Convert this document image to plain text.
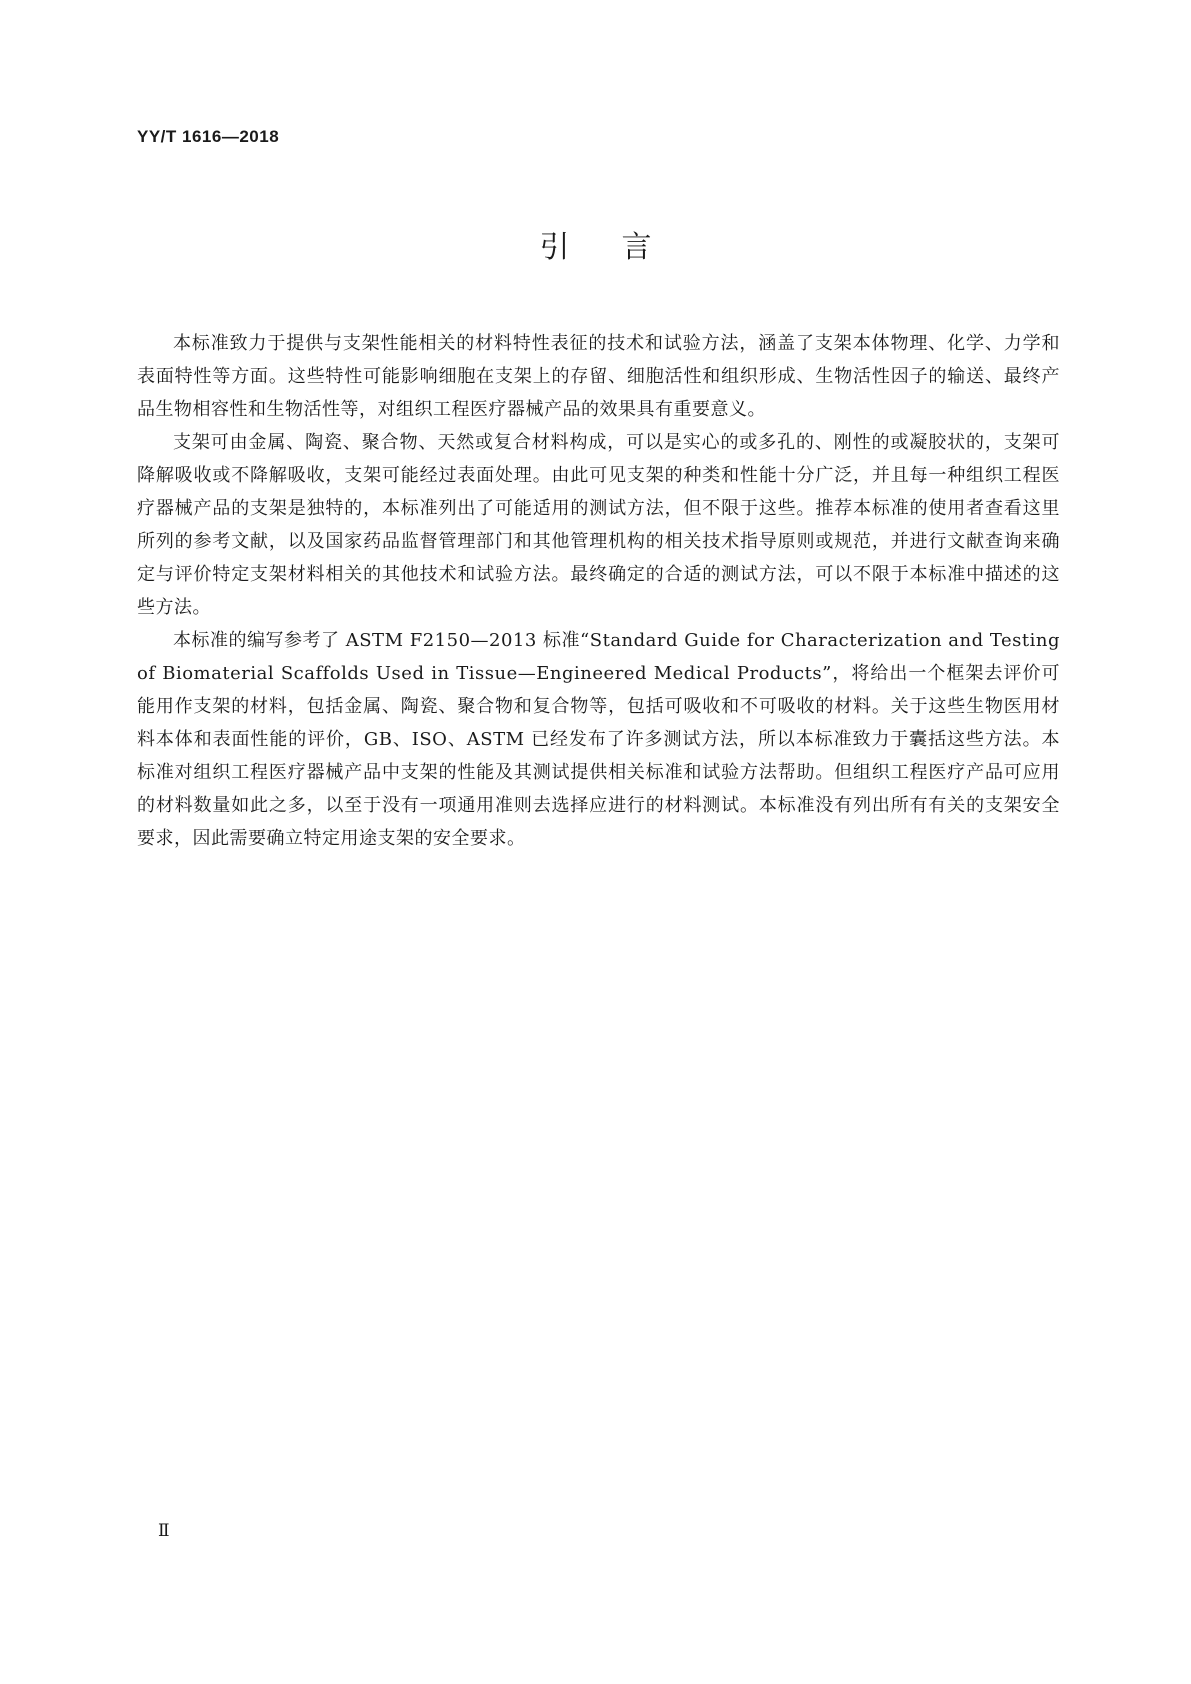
YY/T 1616—2018
引言

本标准致力于提供与支架性能相关的材料特性表征的技术和试验方法，涵盖了支架本体物理、化学、力学和表面特性等方面。这些特性可能影响细胞在支架上的存留、细胞活性和组织形成、生物活性因子的输送、最终产品生物相容性和生物活性等，对组织工程医疗器械产品的效果具有重要意义。

支架可由金属、陶瓷、聚合物、天然或复合材料构成，可以是实心的或多孔的、刚性的或凝胶状的，支架可降解吸收或不降解吸收，支架可能经过表面处理。由此可见支架的种类和性能十分广泛，并且每一种组织工程医疗器械产品的支架是独特的，本标准列出了可能适用的测试方法，但不限于这些。推荐本标准的使用者查看这里所列的参考文献，以及国家药品监督管理部门和其他管理机构的相关技术指导原则或规范，并进行文献查询来确定与评价特定支架材料相关的其他技术和试验方法。最终确定的合适的测试方法，可以不限于本标准中描述的这些方法。

本标准的编写参考了 ASTM F2150—2013 标准“Standard Guide for Characterization and Testing of Biomaterial Scaffolds Used in Tissue—Engineered Medical Products”，将给出一个框架去评价可能用作支架的材料，包括金属、陶瓷、聚合物和复合物等，包括可吸收和不可吸收的材料。关于这些生物医用材料本体和表面性能的评价，GB、ISO、ASTM 已经发布了许多测试方法，所以本标准致力于囊括这些方法。本标准对组织工程医疗器械产品中支架的性能及其测试提供相关标准和试验方法帮助。但组织工程医疗产品可应用的材料数量如此之多，以至于没有一项通用准则去选择应进行的材料测试。本标准没有列出所有有关的支架安全要求，因此需要确立特定用途支架的安全要求。

Ⅱ
